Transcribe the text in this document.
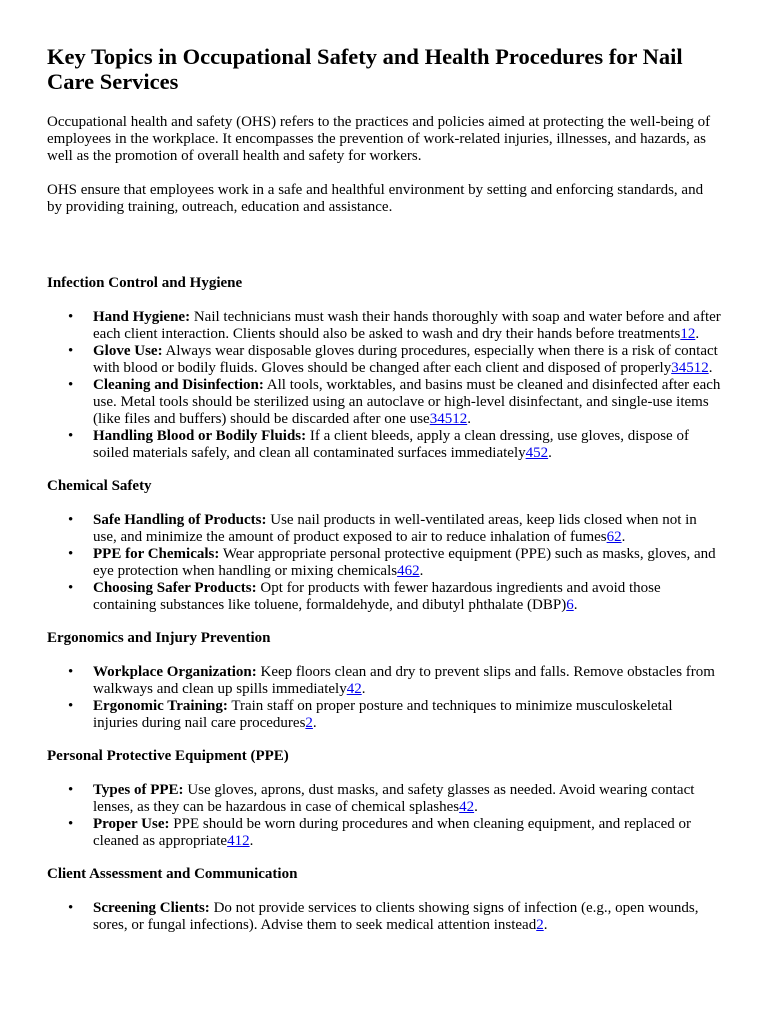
Key Topics in Occupational Safety and Health Procedures for Nail Care Services

Occupational health and safety (OHS) refers to the practices and policies aimed at protecting the well-being of employees in the workplace. It encompasses the prevention of work-related injuries, illnesses, and hazards, as well as the promotion of overall health and safety for workers.

OHS ensure that employees work in a safe and healthful environment by setting and enforcing standards, and by providing training, outreach, education and assistance.

Infection Control and Hygiene
• Hand Hygiene: Nail technicians must wash their hands thoroughly with soap and water before and after each client interaction. Clients should also be asked to wash and dry their hands before treatments12.
• Glove Use: Always wear disposable gloves during procedures, especially when there is a risk of contact with blood or bodily fluids. Gloves should be changed after each client and disposed of properly34512.
• Cleaning and Disinfection: All tools, worktables, and basins must be cleaned and disinfected after each use. Metal tools should be sterilized using an autoclave or high-level disinfectant, and single-use items (like files and buffers) should be discarded after one use34512.
• Handling Blood or Bodily Fluids: If a client bleeds, apply a clean dressing, use gloves, dispose of soiled materials safely, and clean all contaminated surfaces immediately452.
Chemical Safety
• Safe Handling of Products: Use nail products in well-ventilated areas, keep lids closed when not in use, and minimize the amount of product exposed to air to reduce inhalation of fumes62.
• PPE for Chemicals: Wear appropriate personal protective equipment (PPE) such as masks, gloves, and eye protection when handling or mixing chemicals462.
• Choosing Safer Products: Opt for products with fewer hazardous ingredients and avoid those containing substances like toluene, formaldehyde, and dibutyl phthalate (DBP)6.
Ergonomics and Injury Prevention
• Workplace Organization: Keep floors clean and dry to prevent slips and falls. Remove obstacles from walkways and clean up spills immediately42.
• Ergonomic Training: Train staff on proper posture and techniques to minimize musculoskeletal injuries during nail care procedures2.
Personal Protective Equipment (PPE)
• Types of PPE: Use gloves, aprons, dust masks, and safety glasses as needed. Avoid wearing contact lenses, as they can be hazardous in case of chemical splashes42.
• Proper Use: PPE should be worn during procedures and when cleaning equipment, and replaced or cleaned as appropriate412.
Client Assessment and Communication
• Screening Clients: Do not provide services to clients showing signs of infection (e.g., open wounds, sores, or fungal infections). Advise them to seek medical attention instead2.
